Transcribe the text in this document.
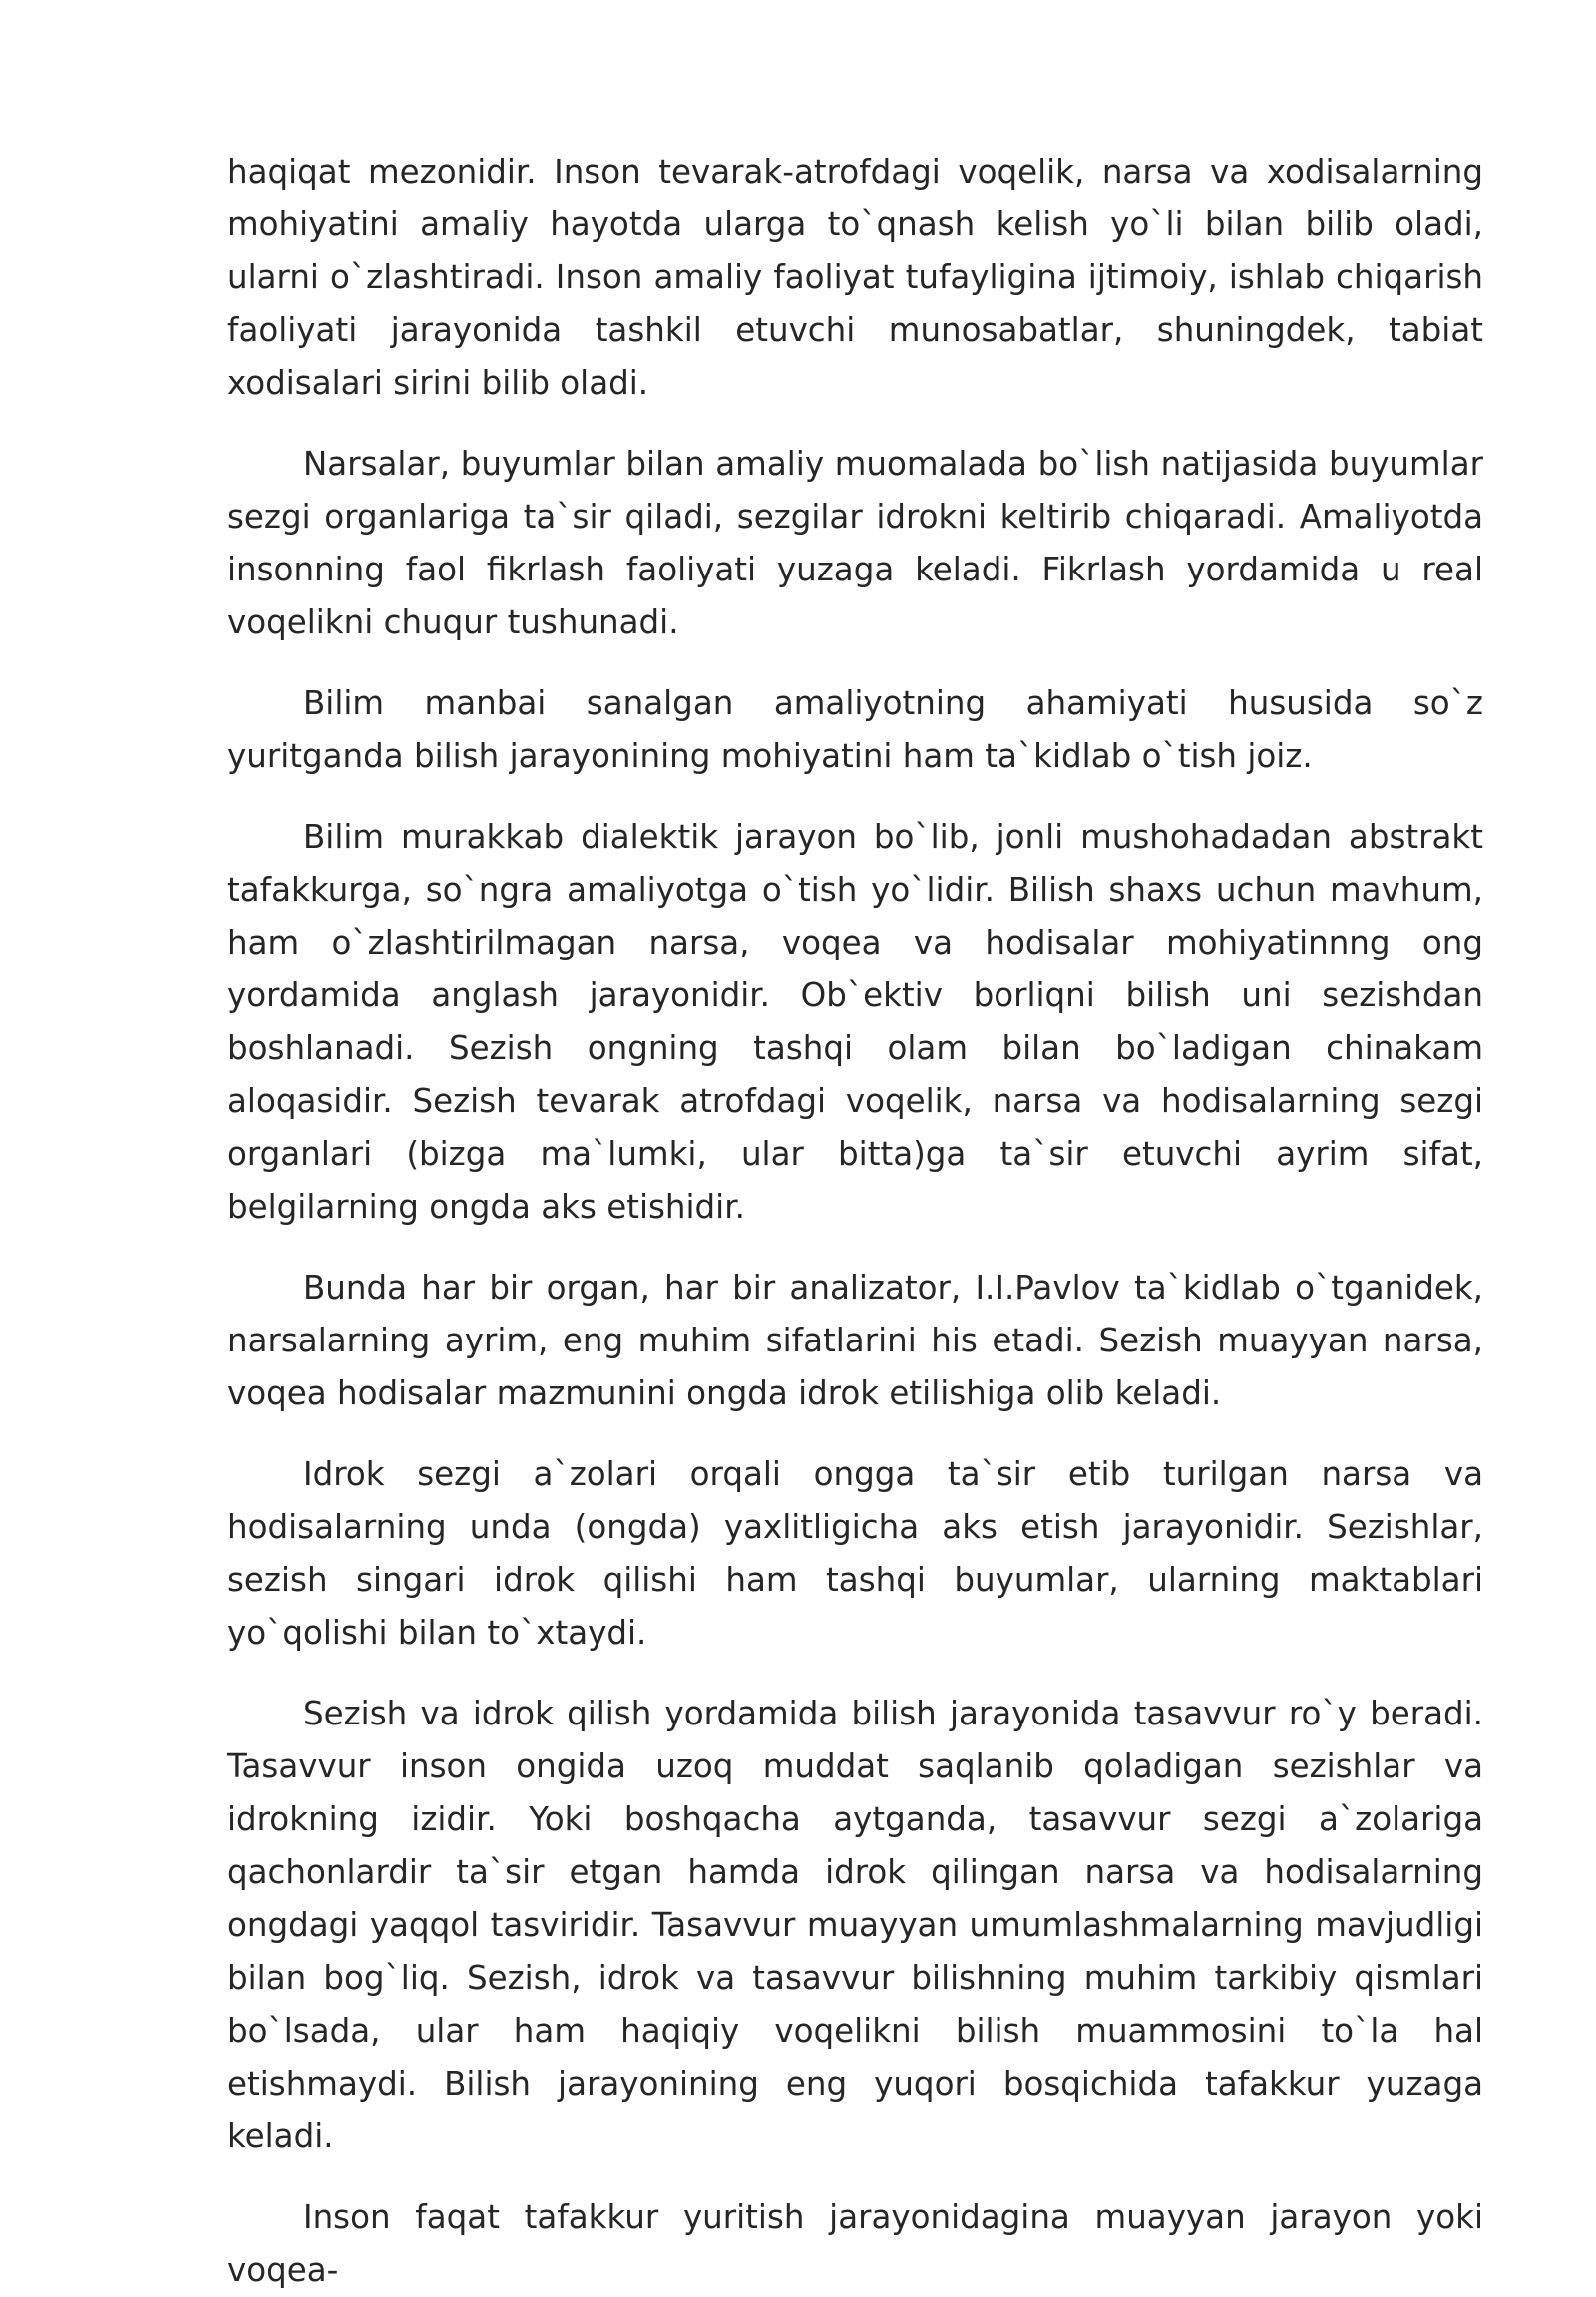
haqiqat mezonidir. Inson tevarak-atrofdagi voqelik, narsa va xodisalarning mohiyatini amaliy hayotda ularga to`qnash kelish yo`li bilan bilib oladi, ularni o`zlashtiradi. Inson amaliy faoliyat tufayligina ijtimoiy, ishlab chiqarish faoliyati jarayonida tashkil etuvchi munosabatlar, shuningdek, tabiat xodisalari sirini bilib oladi.

Narsalar, buyumlar bilan amaliy muomalada bo`lish natijasida buyumlar sezgi organlariga ta`sir qiladi, sezgilar idrokni keltirib chiqaradi. Amaliyotda insonning faol fikrlash faoliyati yuzaga keladi. Fikrlash yordamida u real voqelikni chuqur tushunadi.

Bilim manbai sanalgan amaliyotning ahamiyati hususida so`z yuritganda bilish jarayonining mohiyatini ham ta`kidlab o`tish joiz.

Bilim murakkab dialektik jarayon bo`lib, jonli mushohadadan abstrakt tafakkurga, so`ngra amaliyotga o`tish yo`lidir. Bilish shaxs uchun mavhum, ham o`zlashtirilmagan narsa, voqea va hodisalar mohiyatinnng ong yordamida anglash jarayonidir. Ob`ektiv borliqni bilish uni sezishdan boshlanadi. Sezish ongning tashqi olam bilan bo`ladigan chinakam aloqasidir. Sezish tevarak atrofdagi voqelik, narsa va hodisalarning sezgi organlari (bizga ma`lumki, ular bitta)ga ta`sir etuvchi ayrim sifat, belgilarning ongda aks etishidir.

Bunda har bir organ, har bir analizator, I.I.Pavlov ta`kidlab o`tganidek, narsalarning ayrim, eng muhim sifatlarini his etadi. Sezish muayyan narsa, voqea hodisalar mazmunini ongda idrok etilishiga olib keladi.

Idrok sezgi a`zolari orqali ongga ta`sir etib turilgan narsa va hodisalarning unda (ongda) yaxlitligicha aks etish jarayonidir. Sezishlar, sezish singari idrok qilishi ham tashqi buyumlar, ularning maktablari yo`qolishi bilan to`xtaydi.

Sezish va idrok qilish yordamida bilish jarayonida tasavvur ro`y beradi. Tasavvur inson ongida uzoq muddat saqlanib qoladigan sezishlar va idrokning izidir. Yoki boshqacha aytganda, tasavvur sezgi a`zolariga qachonlardir ta`sir etgan hamda idrok qilingan narsa va hodisalarning ongdagi yaqqol tasviridir. Tasavvur muayyan umumlashmalarning mavjudligi bilan bog`liq. Sezish, idrok va tasavvur bilishning muhim tarkibiy qismlari bo`lsada, ular ham haqiqiy voqelikni bilish muammosini to`la hal etishmaydi. Bilish jarayonining eng yuqori bosqichida tafakkur yuzaga keladi.

Inson faqat tafakkur yuritish jarayonidagina muayyan jarayon yoki voqea-
